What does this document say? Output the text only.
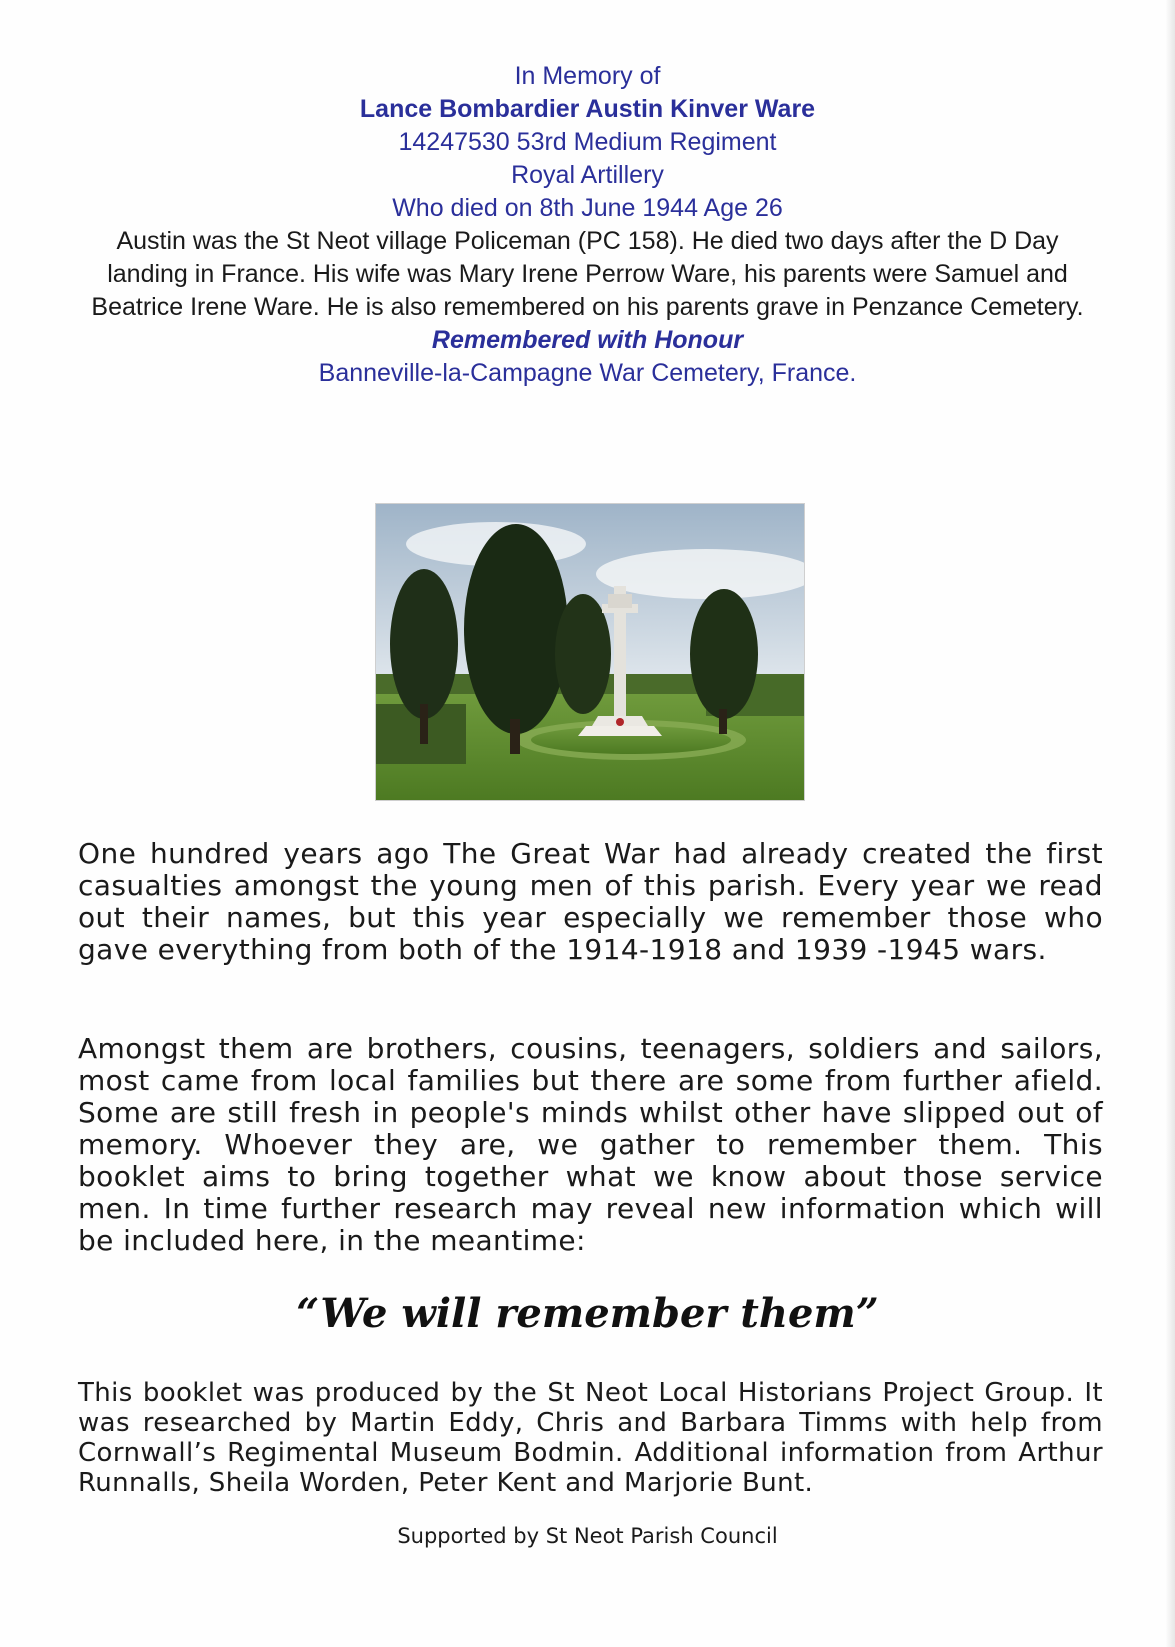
In Memory of
Lance Bombardier Austin Kinver Ware
14247530 53rd Medium Regiment
Royal Artillery
Who died on 8th June 1944 Age 26
Austin was the St Neot village Policeman (PC 158). He died two days after the D Day landing in France. His wife was Mary Irene Perrow Ware, his parents were Samuel and Beatrice Irene Ware. He is also remembered on his parents grave in Penzance Cemetery.
Remembered with Honour
Banneville-la-Campagne War Cemetery, France.
One hundred years ago The Great War had already created the first casualties amongst the young men of this parish. Every year we read out their names, but this year especially we remember those who gave everything from both of the 1914-1918 and 1939 -1945 wars.
Amongst them are brothers, cousins, teenagers, soldiers and sailors, most came from local families but there are some from further afield. Some are still fresh in people's minds whilst other have slipped out of memory. Whoever they are, we gather to remember them. This booklet aims to bring together what we know about those service men. In time further research may reveal new information which will be included here, in the meantime:
“We will remember them”
This booklet was produced by the St Neot Local Historians Project Group. It was researched by Martin Eddy, Chris and Barbara Timms with help from Cornwall’s Regimental Museum Bodmin. Additional information from Arthur Runnalls, Sheila Worden, Peter Kent and Marjorie Bunt.
Supported by St Neot Parish Council
